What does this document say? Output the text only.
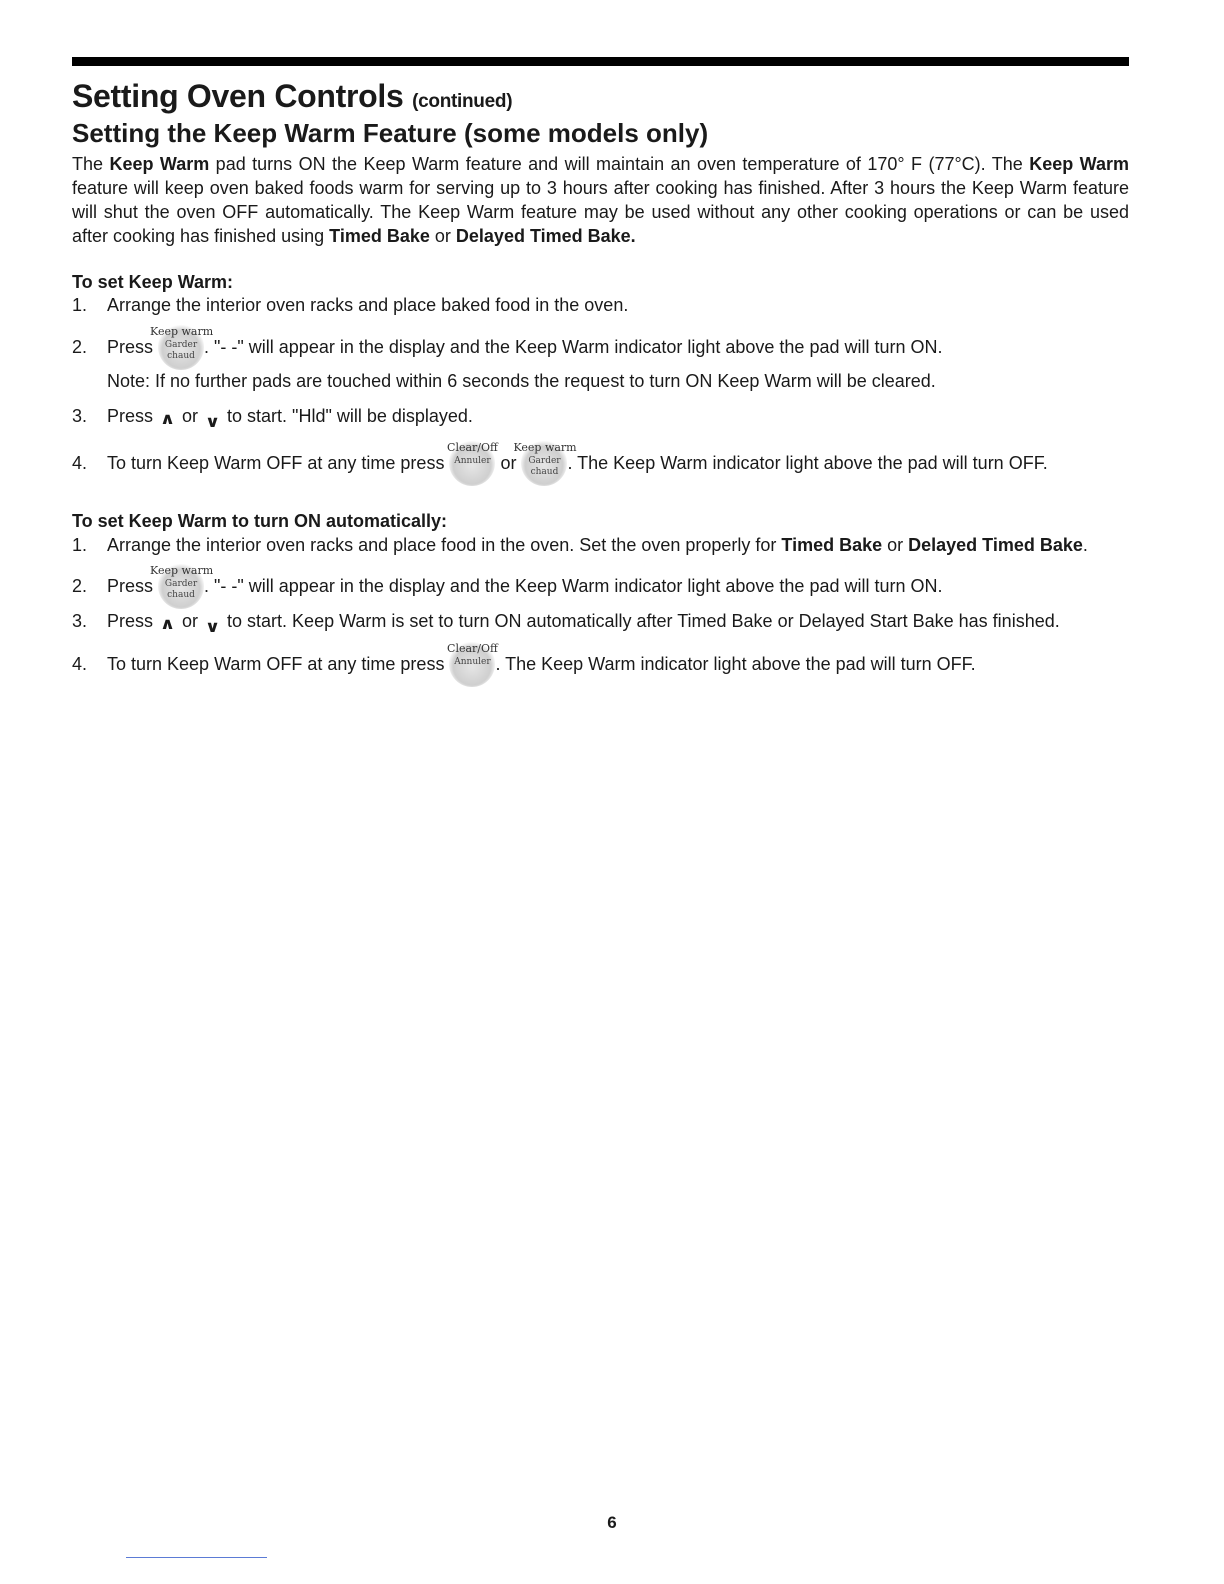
Setting Oven Controls (continued)
Setting the Keep Warm Feature (some models only)

The Keep Warm pad turns ON the Keep Warm feature and will maintain an oven temperature of 170° F (77°C). The Keep Warm feature will keep oven baked foods warm for serving up to 3 hours after cooking has finished. After 3 hours the Keep Warm feature will shut the oven OFF automatically. The Keep Warm feature may be used without any other cooking operations or can be used after cooking has finished using Timed Bake or Delayed Timed Bake.

To set Keep Warm:
1. Arrange the interior oven racks and place baked food in the oven.
2. Press
Keep warm
Garder
chaud . "- -" will appear in the display and the Keep Warm indicator light above the pad will turn ON.
Note: If no further pads are touched within 6 seconds the request to turn ON Keep Warm will be cleared.
3. Press ∧ or ∨ to start. "Hld" will be displayed.
4. To turn Keep Warm OFF at any time press
Clear/Off
Annuler or
Keep warm
Garder
chaud . The Keep Warm indicator light above the pad will turn OFF.
To set Keep Warm to turn ON automatically:
1. Arrange the interior oven racks and place food in the oven. Set the oven properly for Timed Bake or Delayed Timed Bake.
2. Press
Keep warm
Garder
chaud . "- -" will appear in the display and the Keep Warm indicator light above the pad will turn ON.
3. Press ∧ or ∨ to start. Keep Warm is set to turn ON automatically after Timed Bake or Delayed Start Bake has finished.
4. To turn Keep Warm OFF at any time press
Clear/Off
Annuler . The Keep Warm indicator light above the pad will turn OFF.
6
